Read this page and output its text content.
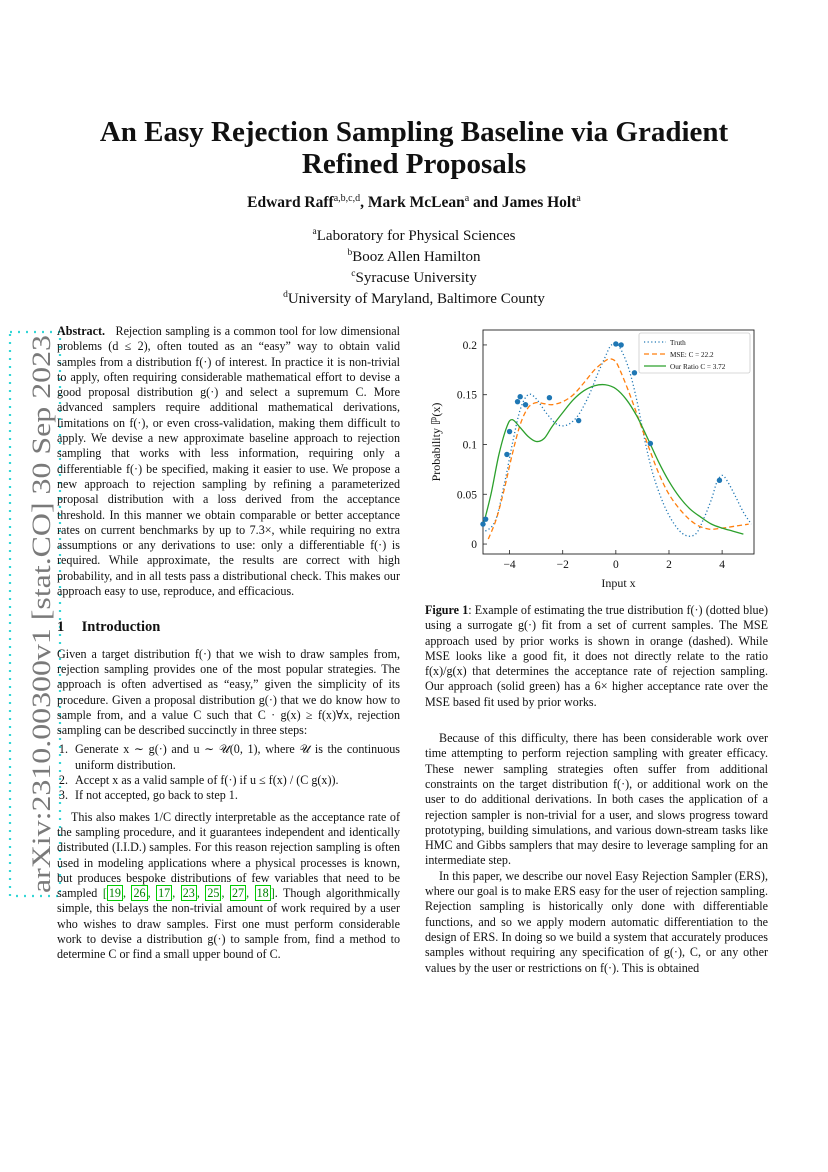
arXiv:2310.00300v1 [stat.CO] 30 Sep 2023
An Easy Rejection Sampling Baseline via Gradient
Refined Proposals
Edward Raff$^{a,b,c,d}$, Mark McLean$^a$ and James Holt$^a$
$^a$Laboratory for Physical Sciences
$^b$Booz Allen Hamilton
$^c$Syracuse University
$^d$University of Maryland, Baltimore County

Abstract. Rejection sampling is a common tool for low dimensional problems (d ≤ 2), often touted as an “easy” way to obtain valid samples from a distribution f(·) of interest. In practice it is non-trivial to apply, often requiring considerable mathematical effort to devise a good proposal distribution g(·) and select a supremum C. More advanced samplers require additional mathematical derivations, limitations on f(·), or even cross-validation, making them difficult to apply. We devise a new approximate baseline approach to rejection sampling that works with less information, requiring only a differentiable f(·) be specified, making it easier to use. We propose a new approach to rejection sampling by refining a parameterized proposal distribution with a loss derived from the acceptance threshold. In this manner we obtain comparable or better acceptance rates on current benchmarks by up to 7.3×, while requiring no extra assumptions or any derivations to use: only a differentiable f(·) is required. While approximate, the results are correct with high probability, and in all tests pass a distributional check. This makes our approach easy to use, reproduce, and efficacious.

1 Introduction

Given a target distribution f(·) that we wish to draw samples from, rejection sampling provides one of the most popular strategies. The approach is often advertised as “easy,” given the simplicity of its procedure. Given a proposal distribution g(·) that we do know how to sample from, and a value C such that C · g(x) ≥ f(x)∀x, rejection sampling can be described succinctly in three steps:

1. Generate x ∼ g(·) and u ∼ 𝒰(0, 1), where 𝒰 is the continuous uniform distribution.
2. Accept x as a valid sample of f(·) if u ≤ f(x) / (C g(x)).
3. If not accepted, go back to step 1.

This also makes 1/C directly interpretable as the acceptance rate of the sampling procedure, and it guarantees independent and identically distributed (I.I.D.) samples. For this reason rejection sampling is often used in modeling applications where a physical processes is known, but produces bespoke distributions of few variables that need to be sampled [ 19 , 26 , 17 , 23 , 25 , 27 , 18 ]. Though algorithmically simple, this belays the non-trivial amount of work required by a user who wishes to draw samples. First one must perform considerable work to devise a distribution g(·) to sample from, find a method to determine C or find a small upper bound of C.

−4	−2	0	2	4
0
0.05
0.1
0.15
0.2
Input x
Probability ℙ(x)
Truth
MSE: C = 22.2
Our Ratio C = 3.72

Figure 1: Example of estimating the true distribution f(·) (dotted blue) using a surrogate g(·) fit from a set of current samples. The MSE approach used by prior works is shown in orange (dashed). While MSE looks like a good fit, it does not directly relate to the ratio f(x)/g(x) that determines the acceptance rate of rejection sampling. Our approach (solid green) has a 6× higher acceptance rate over the MSE based fit used by prior works.

Because of this difficulty, there has been considerable work over time attempting to perform rejection sampling with greater efficacy. These newer sampling strategies often suffer from additional constraints on the target distribution f(·), or additional work on the user to do additional derivations. In both cases the application of a rejection sampler is non-trivial for a user, and slows progress toward prototyping, building simulations, and various down-stream tasks like HMC and Gibbs samplers that may desire to leverage sampling for an intermediate step.

In this paper, we describe our novel Easy Rejection Sampler (ERS), where our goal is to make ERS easy for the user of rejection sampling. Rejection sampling is historically only done with differentiable functions, and so we apply modern automatic differentiation to the design of ERS. In doing so we build a system that accurately produces samples without requiring any specification of g(·), C, or any other values by the user or restrictions on f(·). This is obtained
